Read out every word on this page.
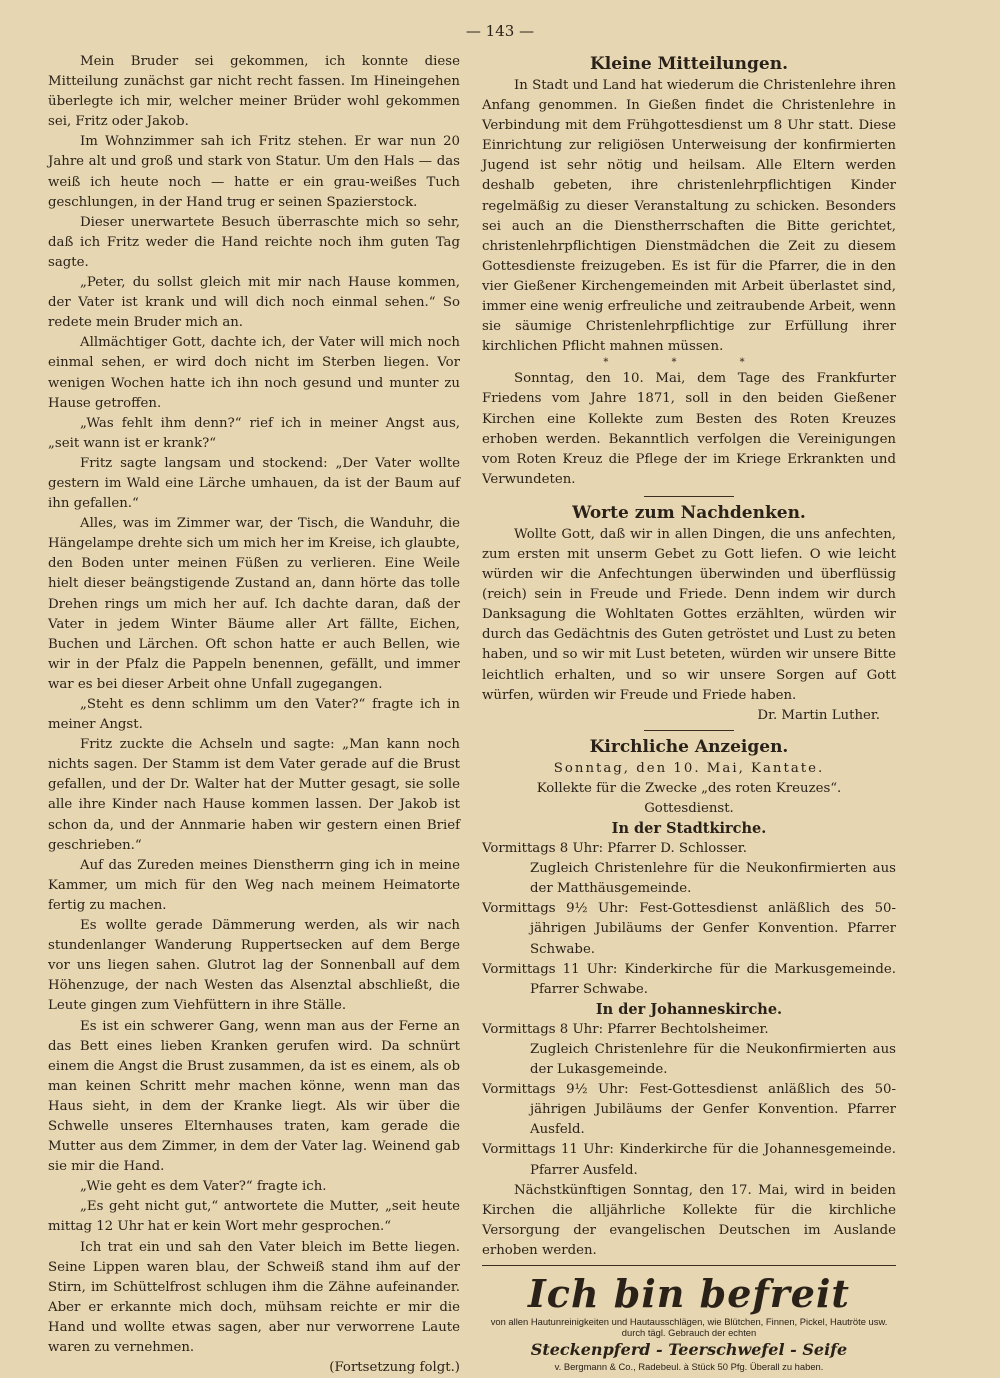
— 143 —

Mein Bruder sei gekommen, ich konnte diese Mitteilung zunächst gar nicht recht fassen. Im Hineingehen überlegte ich mir, welcher meiner Brüder wohl gekommen sei, Fritz oder Jakob.

Im Wohnzimmer sah ich Fritz stehen. Er war nun 20 Jahre alt und groß und stark von Statur. Um den Hals — das weiß ich heute noch — hatte er ein grau-weißes Tuch geschlungen, in der Hand trug er seinen Spazierstock.

Dieser unerwartete Besuch überraschte mich so sehr, daß ich Fritz weder die Hand reichte noch ihm guten Tag sagte.

„Peter, du sollst gleich mit mir nach Hause kommen, der Vater ist krank und will dich noch einmal sehen.“ So redete mein Bruder mich an.

Allmächtiger Gott, dachte ich, der Vater will mich noch einmal sehen, er wird doch nicht im Sterben liegen. Vor wenigen Wochen hatte ich ihn noch gesund und munter zu Hause getroffen.

„Was fehlt ihm denn?“ rief ich in meiner Angst aus, „seit wann ist er krank?“

Fritz sagte langsam und stockend: „Der Vater wollte gestern im Wald eine Lärche umhauen, da ist der Baum auf ihn gefallen.“

Alles, was im Zimmer war, der Tisch, die Wanduhr, die Hängelampe drehte sich um mich her im Kreise, ich glaubte, den Boden unter meinen Füßen zu verlieren. Eine Weile hielt dieser beängstigende Zustand an, dann hörte das tolle Drehen rings um mich her auf. Ich dachte daran, daß der Vater in jedem Winter Bäume aller Art fällte, Eichen, Buchen und Lärchen. Oft schon hatte er auch Bellen, wie wir in der Pfalz die Pappeln benennen, gefällt, und immer war es bei dieser Arbeit ohne Unfall zugegangen.

„Steht es denn schlimm um den Vater?“ fragte ich in meiner Angst.

Fritz zuckte die Achseln und sagte: „Man kann noch nichts sagen. Der Stamm ist dem Vater gerade auf die Brust gefallen, und der Dr. Walter hat der Mutter gesagt, sie solle alle ihre Kinder nach Hause kommen lassen. Der Jakob ist schon da, und der Annmarie haben wir gestern einen Brief geschrieben.“

Auf das Zureden meines Dienstherrn ging ich in meine Kammer, um mich für den Weg nach meinem Heimatorte fertig zu machen.

Es wollte gerade Dämmerung werden, als wir nach stundenlanger Wanderung Ruppertsecken auf dem Berge vor uns liegen sahen. Glutrot lag der Sonnenball auf dem Höhenzuge, der nach Westen das Alsenztal abschließt, die Leute gingen zum Viehfüttern in ihre Ställe.

Es ist ein schwerer Gang, wenn man aus der Ferne an das Bett eines lieben Kranken gerufen wird. Da schnürt einem die Angst die Brust zusammen, da ist es einem, als ob man keinen Schritt mehr machen könne, wenn man das Haus sieht, in dem der Kranke liegt. Als wir über die Schwelle unseres Elternhauses traten, kam gerade die Mutter aus dem Zimmer, in dem der Vater lag. Weinend gab sie mir die Hand.

„Wie geht es dem Vater?“ fragte ich.

„Es geht nicht gut,“ antwortete die Mutter, „seit heute mittag 12 Uhr hat er kein Wort mehr gesprochen.“

Ich trat ein und sah den Vater bleich im Bette liegen. Seine Lippen waren blau, der Schweiß stand ihm auf der Stirn, im Schüttelfrost schlugen ihm die Zähne aufeinander. Aber er erkannte mich doch, mühsam reichte er mir die Hand und wollte etwas sagen, aber nur verworrene Laute waren zu vernehmen.

(Fortsetzung folgt.)

Kleine Mitteilungen.

In Stadt und Land hat wiederum die Christenlehre ihren Anfang genommen. In Gießen findet die Christenlehre in Verbindung mit dem Frühgottesdienst um 8 Uhr statt. Diese Einrichtung zur religiösen Unterweisung der konfirmierten Jugend ist sehr nötig und heilsam. Alle Eltern werden deshalb gebeten, ihre christenlehrpflichtigen Kinder regelmäßig zu dieser Veranstaltung zu schicken. Besonders sei auch an die Dienstherrschaften die Bitte gerichtet, christenlehrpflichtigen Dienstmädchen die Zeit zu diesem Gottesdienste freizugeben. Es ist für die Pfarrer, die in den vier Gießener Kirchengemeinden mit Arbeit überlastet sind, immer eine wenig erfreuliche und zeitraubende Arbeit, wenn sie säumige Christenlehrpflichtige zur Erfüllung ihrer kirchlichen Pflicht mahnen müssen.

* * *

Sonntag, den 10. Mai, dem Tage des Frankfurter Friedens vom Jahre 1871, soll in den beiden Gießener Kirchen eine Kollekte zum Besten des Roten Kreuzes erhoben werden. Bekanntlich verfolgen die Vereinigungen vom Roten Kreuz die Pflege der im Kriege Erkrankten und Verwundeten.

Worte zum Nachdenken.

Wollte Gott, daß wir in allen Dingen, die uns anfechten, zum ersten mit unserm Gebet zu Gott liefen. O wie leicht würden wir die Anfechtungen überwinden und überflüssig (reich) sein in Freude und Friede. Denn indem wir durch Danksagung die Wohltaten Gottes erzählten, würden wir durch das Gedächtnis des Guten getröstet und Lust zu beten haben, und so wir mit Lust beteten, würden wir unsere Bitte leichtlich erhalten, und so wir unsere Sorgen auf Gott würfen, würden wir Freude und Friede haben.

Dr. Martin Luther.

Kirchliche Anzeigen.

Sonntag, den 10. Mai, Kantate.

Kollekte für die Zwecke „des roten Kreuzes“.

Gottesdienst.

In der Stadtkirche.

Vormittags 8 Uhr: Pfarrer D. Schlosser.

Zugleich Christenlehre für die Neukonfirmierten aus der Matthäusgemeinde.

Vormittags 9½ Uhr: Fest-Gottesdienst anläßlich des 50-jährigen Jubiläums der Genfer Konvention. Pfarrer Schwabe.

Vormittags 11 Uhr: Kinderkirche für die Markusgemeinde. Pfarrer Schwabe.

In der Johanneskirche.

Vormittags 8 Uhr: Pfarrer Bechtolsheimer.

Zugleich Christenlehre für die Neukonfirmierten aus der Lukasgemeinde.

Vormittags 9½ Uhr: Fest-Gottesdienst anläßlich des 50-jährigen Jubiläums der Genfer Konvention. Pfarrer Ausfeld.

Vormittags 11 Uhr: Kinderkirche für die Johannesgemeinde. Pfarrer Ausfeld.

Nächstkünftigen Sonntag, den 17. Mai, wird in beiden Kirchen die alljährliche Kollekte für die kirchliche Versorgung der evangelischen Deutschen im Auslande erhoben werden.

Ich bin befreit
von allen Hautunreinigkeiten und Hautausschlägen, wie Blütchen, Finnen, Pickel, Hautröte usw. durch tägl. Gebrauch der echten
Steckenpferd - Teerschwefel - Seife
v. Bergmann & Co., Radebeul. à Stück 50 Pfg. Überall zu haben.
